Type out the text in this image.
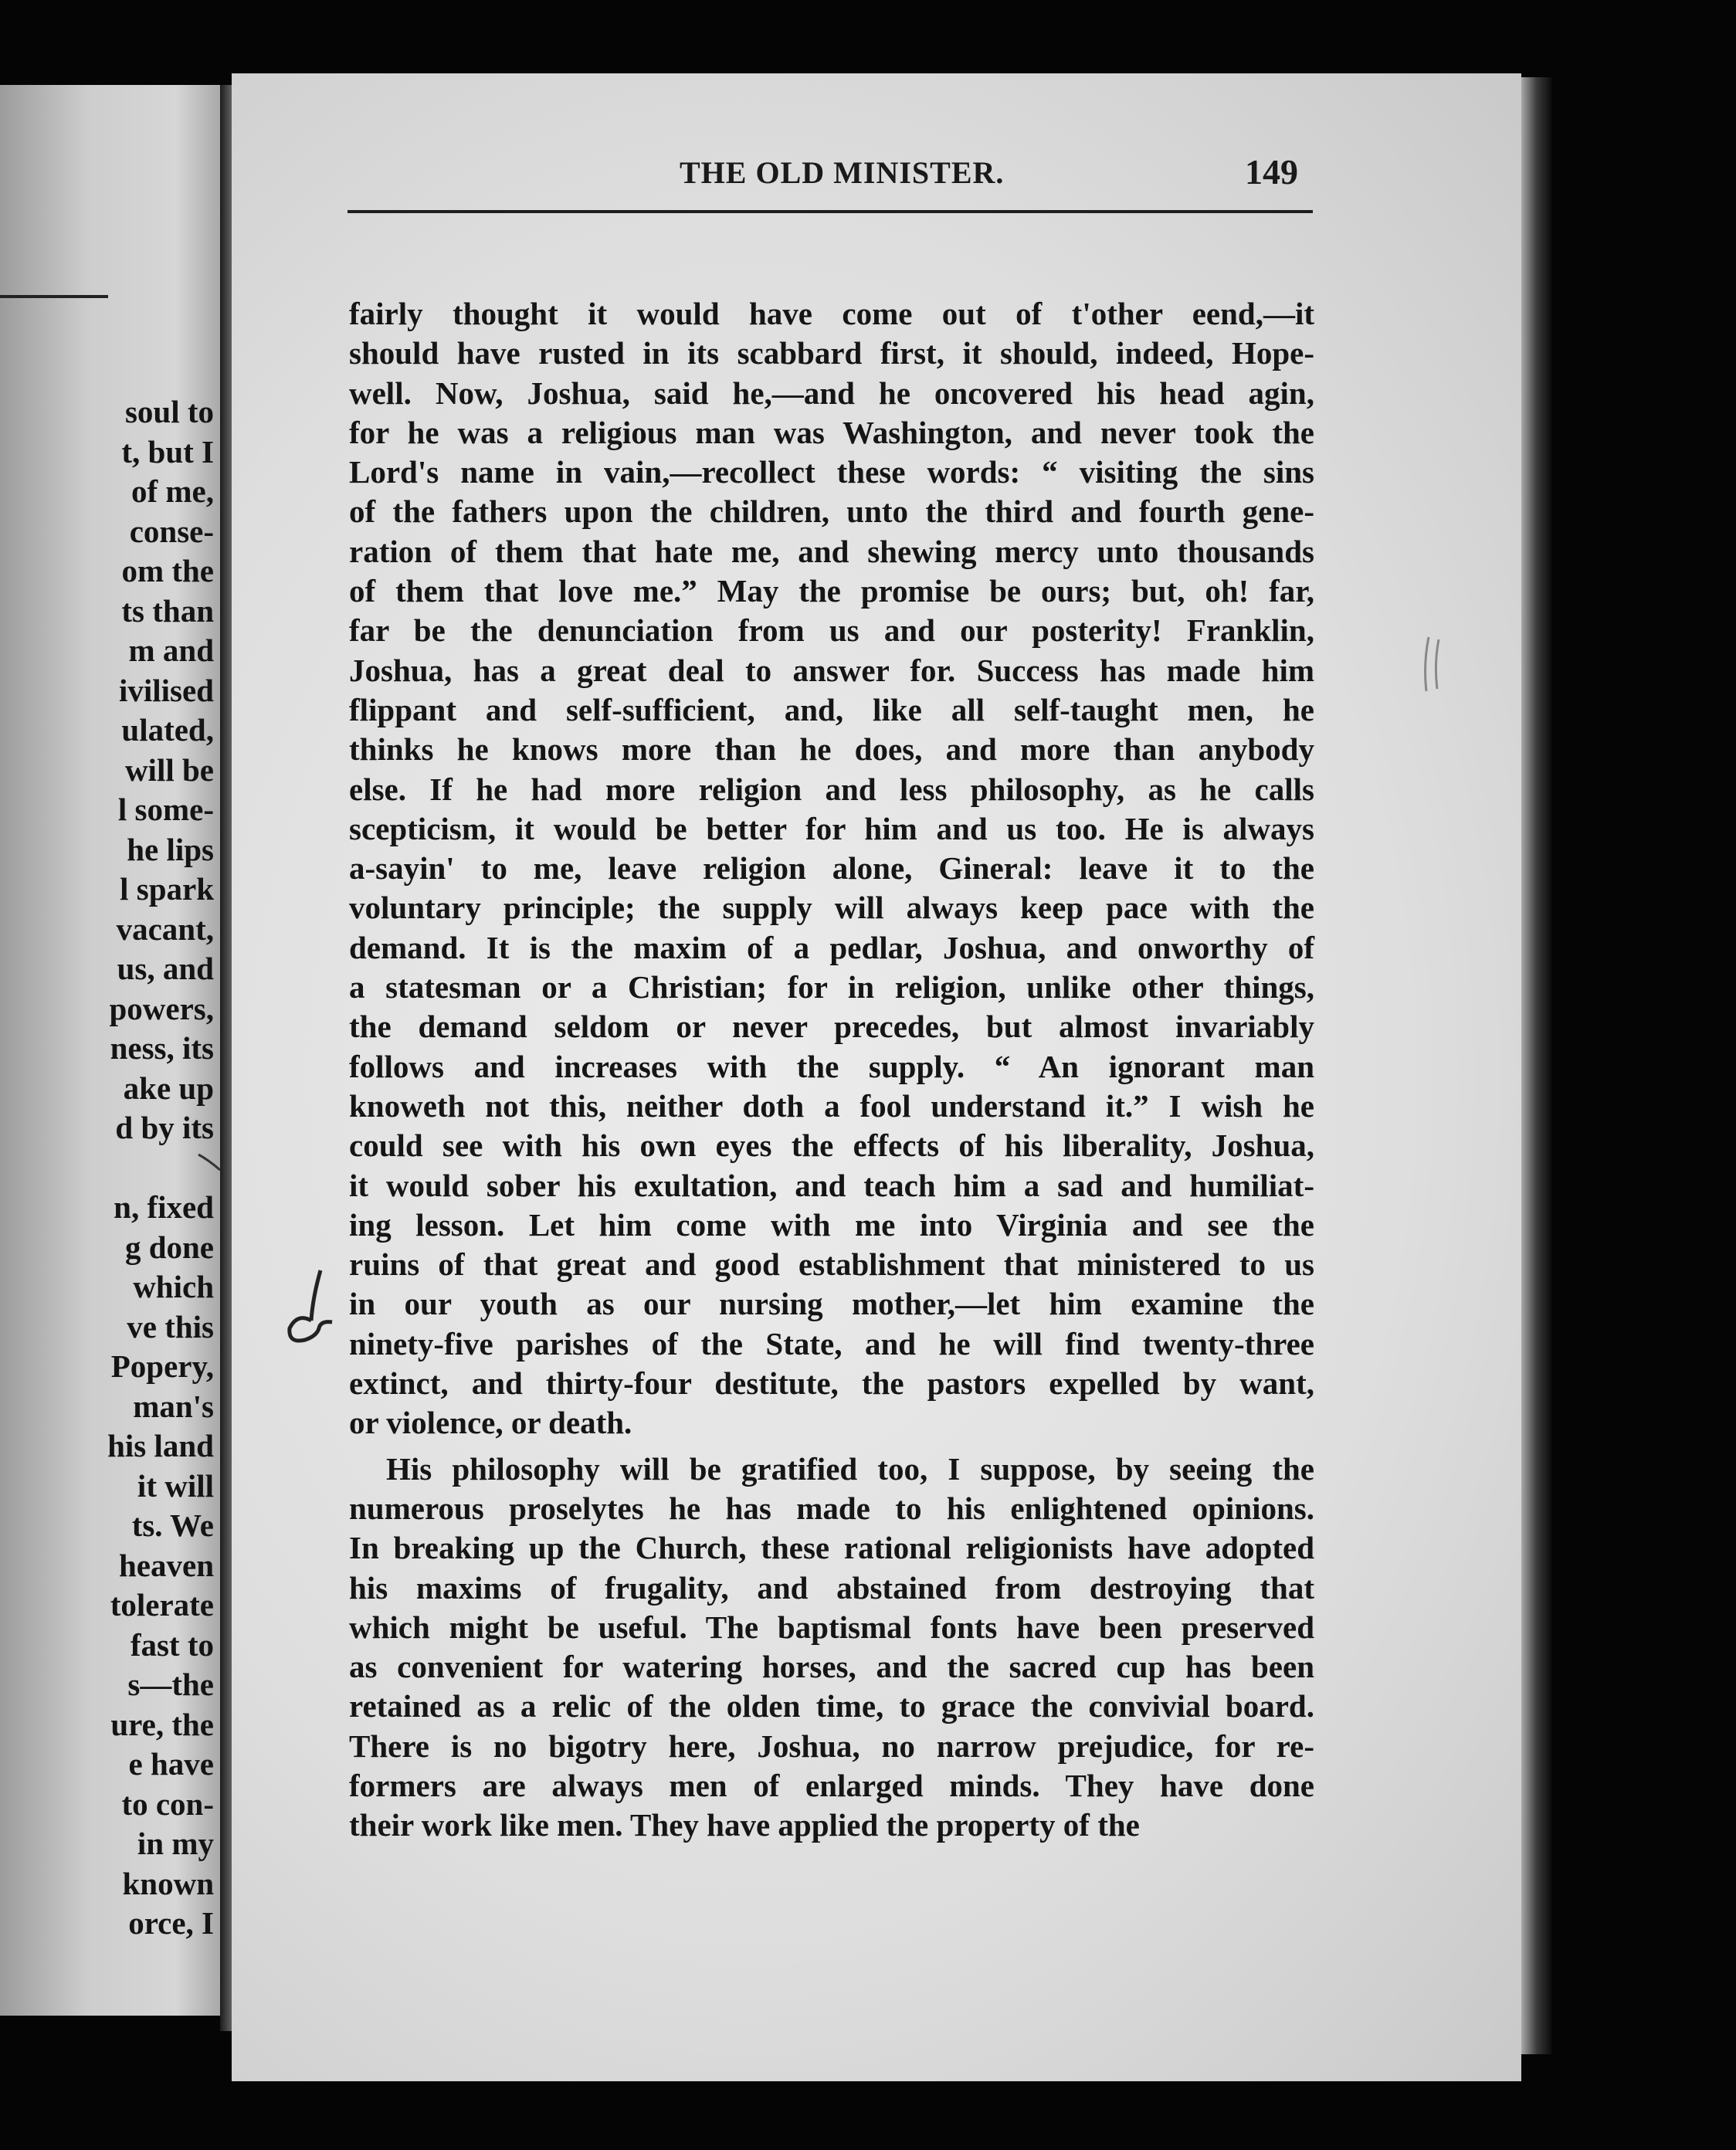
soul to
t, but I
of me,
conse-
om the
ts than
m and
ivilised
ulated,
will be
l some-
he lips
l spark
vacant,
us, and
powers,
ness, its
ake up
d by its

n, fixed
g done
which
ve this
Popery,
man's
his land
it will
ts. We
heaven
tolerate
fast to
s—the
ure, the
e have
to con-
in my
known
orce, I
THE OLD MINISTER.	149
fairly thought it would have come out of t'other eend,—it
should have rusted in its scabbard first, it should, indeed, Hope-
well. Now, Joshua, said he,—and he oncovered his head agin,
for he was a religious man was Washington, and never took the
Lord's name in vain,—recollect these words: “ visiting the sins
of the fathers upon the children, unto the third and fourth gene-
ration of them that hate me, and shewing mercy unto thousands
of them that love me.” May the promise be ours; but, oh! far,
far be the denunciation from us and our posterity! Franklin,
Joshua, has a great deal to answer for. Success has made him
flippant and self-sufficient, and, like all self-taught men, he
thinks he knows more than he does, and more than anybody
else. If he had more religion and less philosophy, as he calls
scepticism, it would be better for him and us too. He is always
a-sayin' to me, leave religion alone, Gineral: leave it to the
voluntary principle; the supply will always keep pace with the
demand. It is the maxim of a pedlar, Joshua, and onworthy of
a statesman or a Christian; for in religion, unlike other things,
the demand seldom or never precedes, but almost invariably
follows and increases with the supply. “ An ignorant man
knoweth not this, neither doth a fool understand it.” I wish he
could see with his own eyes the effects of his liberality, Joshua,
it would sober his exultation, and teach him a sad and humiliat-
ing lesson. Let him come with me into Virginia and see the
ruins of that great and good establishment that ministered to us
in our youth as our nursing mother,—let him examine the
ninety-five parishes of the State, and he will find twenty-three
extinct, and thirty-four destitute, the pastors expelled by want,
or violence, or death.
His philosophy will be gratified too, I suppose, by seeing the
numerous proselytes he has made to his enlightened opinions.
In breaking up the Church, these rational religionists have adopted
his maxims of frugality, and abstained from destroying that
which might be useful. The baptismal fonts have been preserved
as convenient for watering horses, and the sacred cup has been
retained as a relic of the olden time, to grace the convivial board.
There is no bigotry here, Joshua, no narrow prejudice, for re-
formers are always men of enlarged minds. They have done
their work like men. They have applied the property of the
